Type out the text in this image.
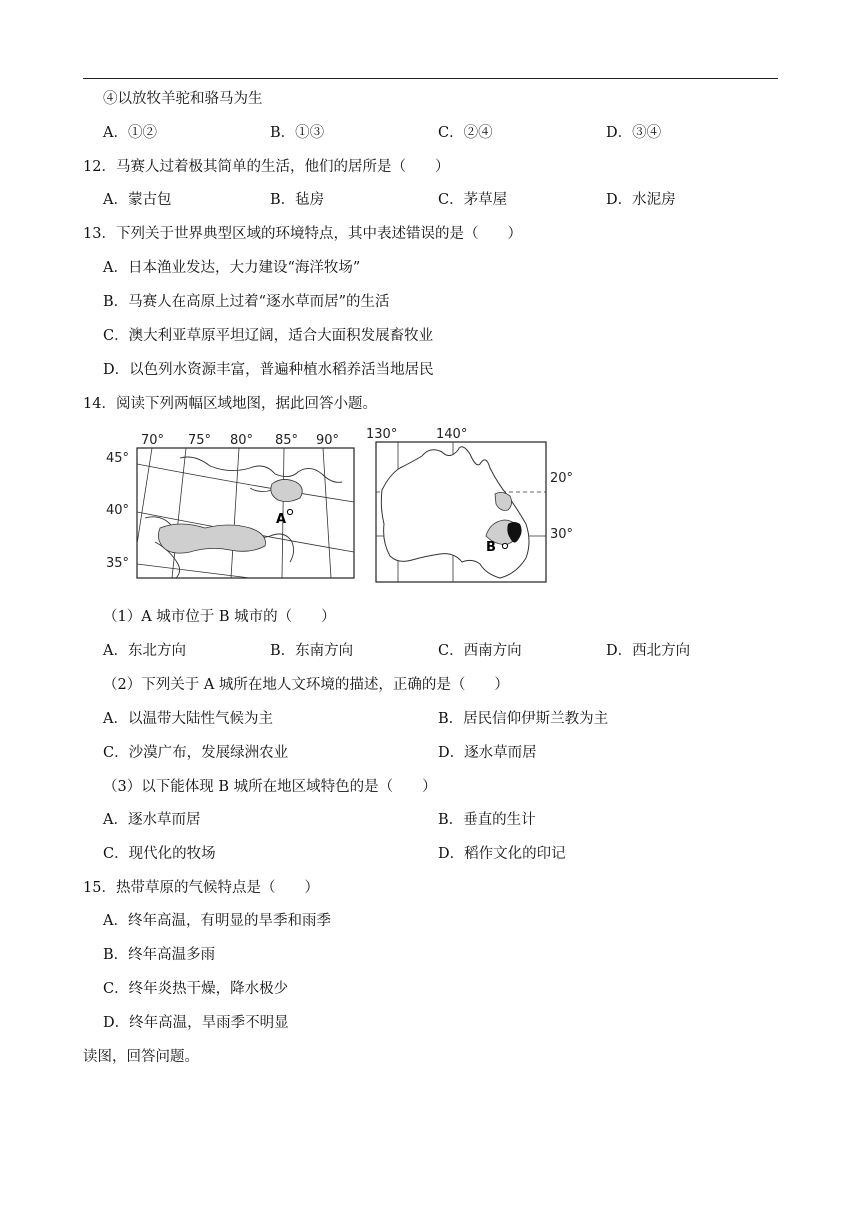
④以放牧羊驼和骆马为生
A．①②	B．①③	C．②④	D．③④
12．马赛人过着极其简单的生活，他们的居所是（　　）
A．蒙古包	B．毡房	C．茅草屋	D．水泥房
13．下列关于世界典型区域的环境特点，其中表述错误的是（　　）
A．日本渔业发达，大力建设“海洋牧场”
B．马赛人在高原上过着“逐水草而居”的生活
C．澳大利亚草原平坦辽阔，适合大面积发展畜牧业
D．以色列水资源丰富，普遍种植水稻养活当地居民
14．阅读下列两幅区域地图，据此回答小题。
A
70° 75° 80° 85° 90°
45°
40°
35°
B
130°	140°
20°
30°
（1）A 城市位于 B 城市的（　　）
A．东北方向	B．东南方向	C．西南方向	D．西北方向
（2）下列关于 A 城所在地人文环境的描述，正确的是（　　）
A．以温带大陆性气候为主	B．居民信仰伊斯兰教为主
C．沙漠广布，发展绿洲农业	D．逐水草而居
（3）以下能体现 B 城所在地区域特色的是（　　）
A．逐水草而居	B．垂直的生计
C．现代化的牧场	D．稻作文化的印记
15．热带草原的气候特点是（　　）
A．终年高温，有明显的旱季和雨季
B．终年高温多雨
C．终年炎热干燥，降水极少
D．终年高温，旱雨季不明显
读图，回答问题。
